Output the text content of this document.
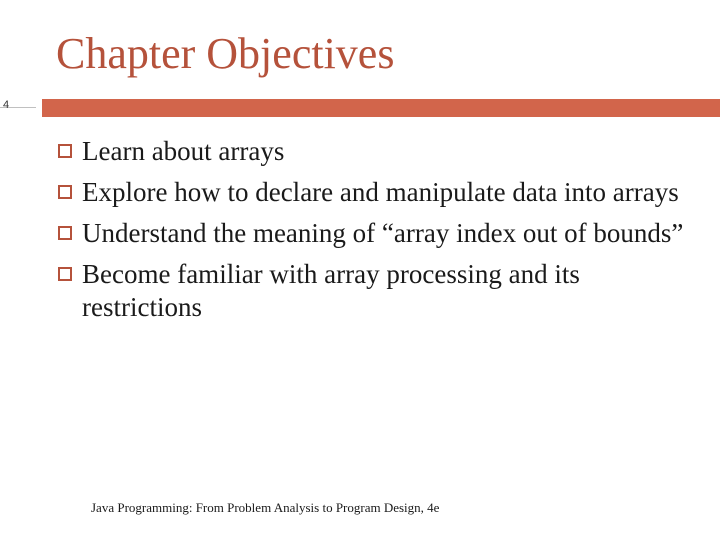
Chapter Objectives
4
Learn about arrays
Explore how to declare and manipulate data into arrays
Understand the meaning of “array index out of bounds”
Become familiar with array processing and its restrictions
Java Programming: From Problem Analysis to Program Design, 4e
